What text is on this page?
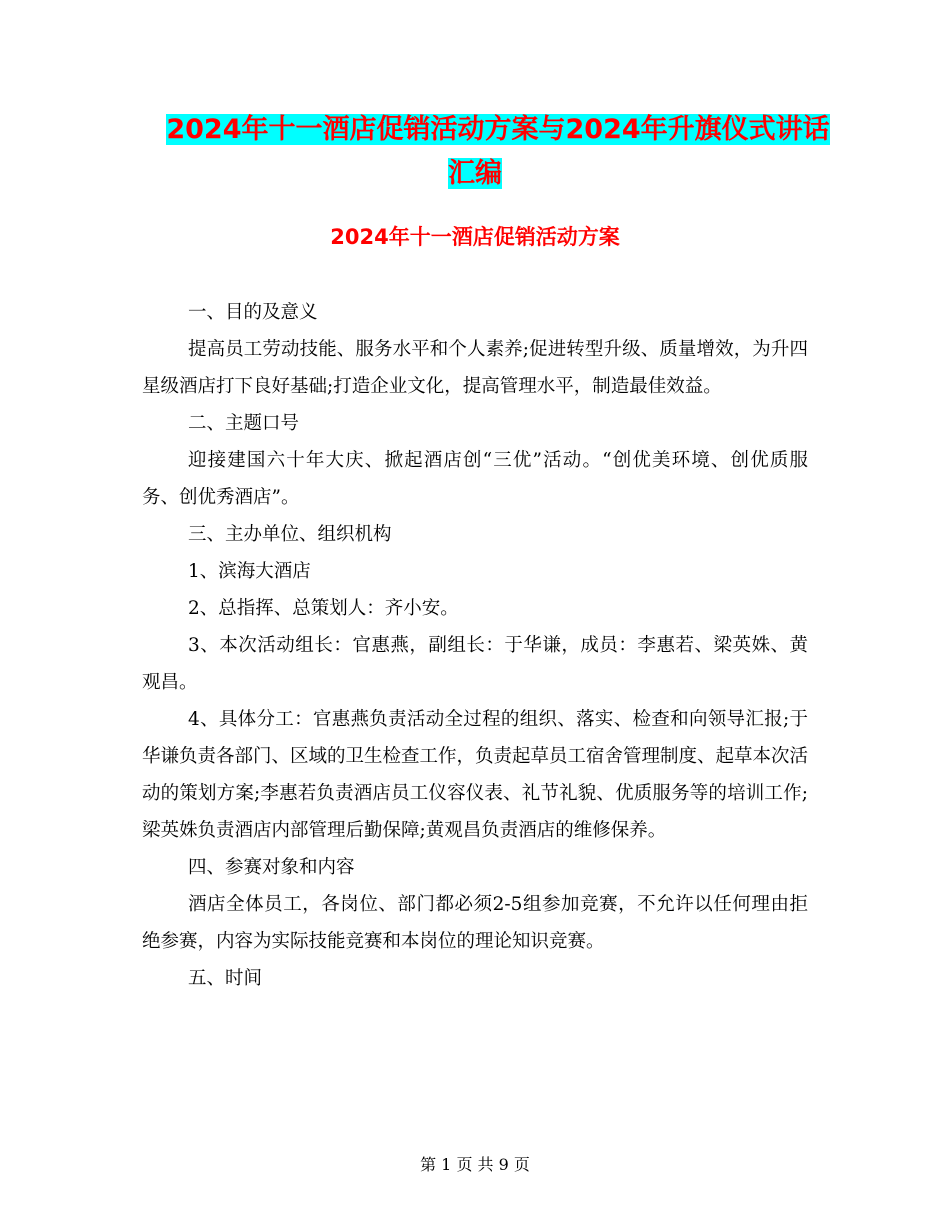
2024年十一酒店促销活动方案与2024年升旗仪式讲话
汇编
2024年十一酒店促销活动方案

一、目的及意义

提高员工劳动技能、服务水平和个人素养;促进转型升级、质量增效，为升四星级酒店打下良好基础;打造企业文化，提高管理水平，制造最佳效益。

二、主题口号

迎接建国六十年大庆、掀起酒店创“三优”活动。“创优美环境、创优质服务、创优秀酒店”。

三、主办单位、组织机构

1、滨海大酒店

2、总指挥、总策划人：齐小安。

3、本次活动组长：官惠燕，副组长：于华谦，成员：李惠若、梁英姝、黄观昌。

4、具体分工：官惠燕负责活动全过程的组织、落实、检查和向领导汇报;于华谦负责各部门、区域的卫生检查工作，负责起草员工宿舍管理制度、起草本次活动的策划方案;李惠若负责酒店员工仪容仪表、礼节礼貌、优质服务等的培训工作;梁英姝负责酒店内部管理后勤保障;黄观昌负责酒店的维修保养。

四、参赛对象和内容

酒店全体员工，各岗位、部门都必须2-5组参加竞赛，不允许以任何理由拒绝参赛，内容为实际技能竞赛和本岗位的理论知识竞赛。

五、时间

第 1 页 共 9 页
